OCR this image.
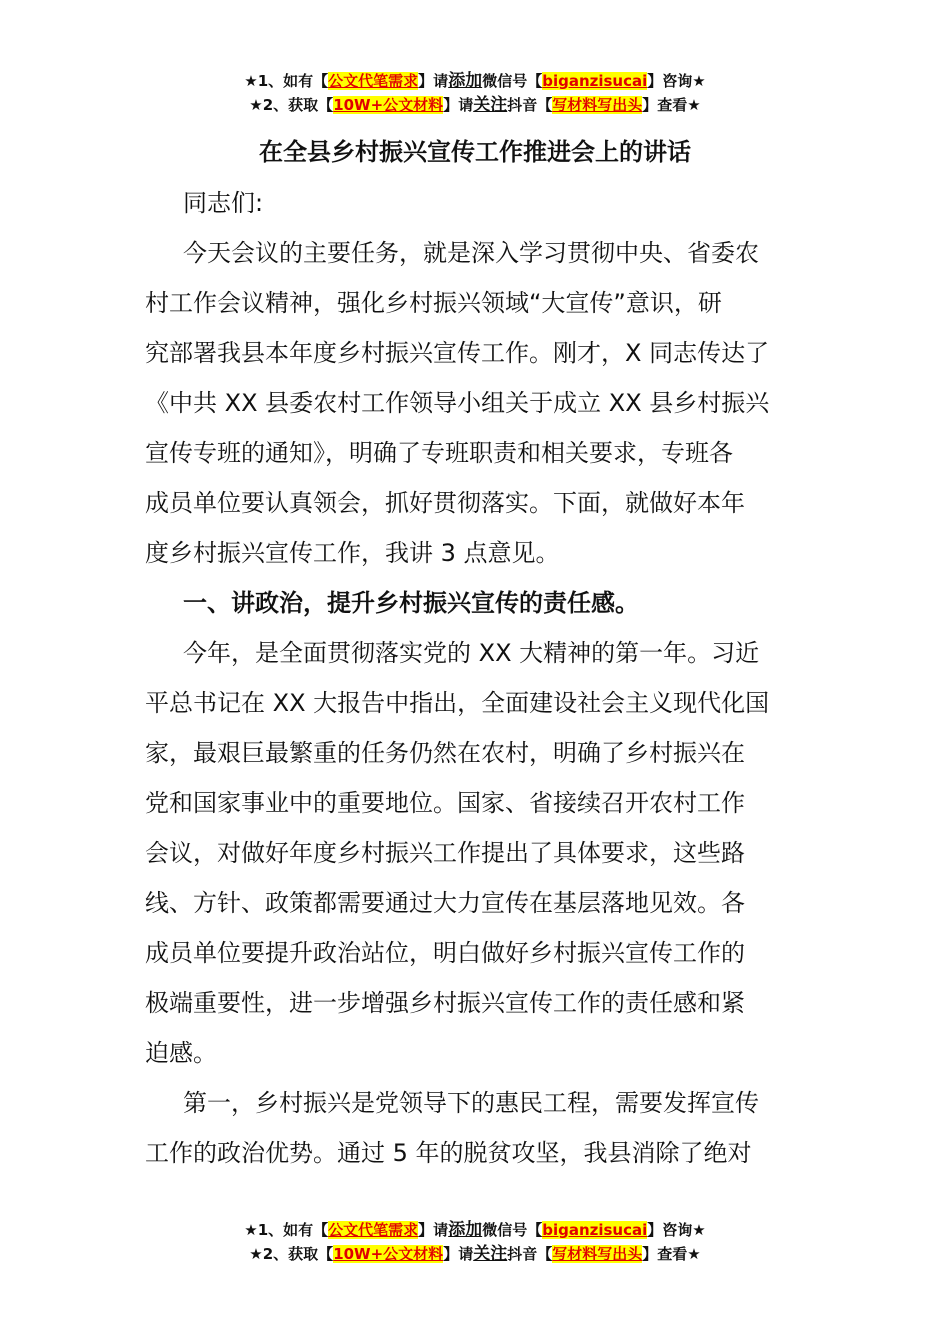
★1、如有【公文代笔需求】请添加微信号【biganzisucai】咨询★
★2、获取【10W+公文材料】请关注抖音【写材料写出头】查看★
在全县乡村振兴宣传工作推进会上的讲话

同志们:

今天会议的主要任务，就是深入学习贯彻中央、省委农
村工作会议精神，强化乡村振兴领域“大宣传”意识，研
究部署我县本年度乡村振兴宣传工作。刚才，X 同志传达了
《中共 XX 县委农村工作领导小组关于成立 XX 县乡村振兴
宣传专班的通知》，明确了专班职责和相关要求，专班各
成员单位要认真领会，抓好贯彻落实。下面，就做好本年
度乡村振兴宣传工作，我讲 3 点意见。

一、讲政治，提升乡村振兴宣传的责任感。

今年，是全面贯彻落实党的 XX 大精神的第一年。习近
平总书记在 XX 大报告中指出，全面建设社会主义现代化国
家，最艰巨最繁重的任务仍然在农村，明确了乡村振兴在
党和国家事业中的重要地位。国家、省接续召开农村工作
会议，对做好年度乡村振兴工作提出了具体要求，这些路
线、方针、政策都需要通过大力宣传在基层落地见效。各
成员单位要提升政治站位，明白做好乡村振兴宣传工作的
极端重要性，进一步增强乡村振兴宣传工作的责任感和紧
迫感。

第一，乡村振兴是党领导下的惠民工程，需要发挥宣传
工作的政治优势。通过 5 年的脱贫攻坚，我县消除了绝对

★1、如有【公文代笔需求】请添加微信号【biganzisucai】咨询★
★2、获取【10W+公文材料】请关注抖音【写材料写出头】查看★
